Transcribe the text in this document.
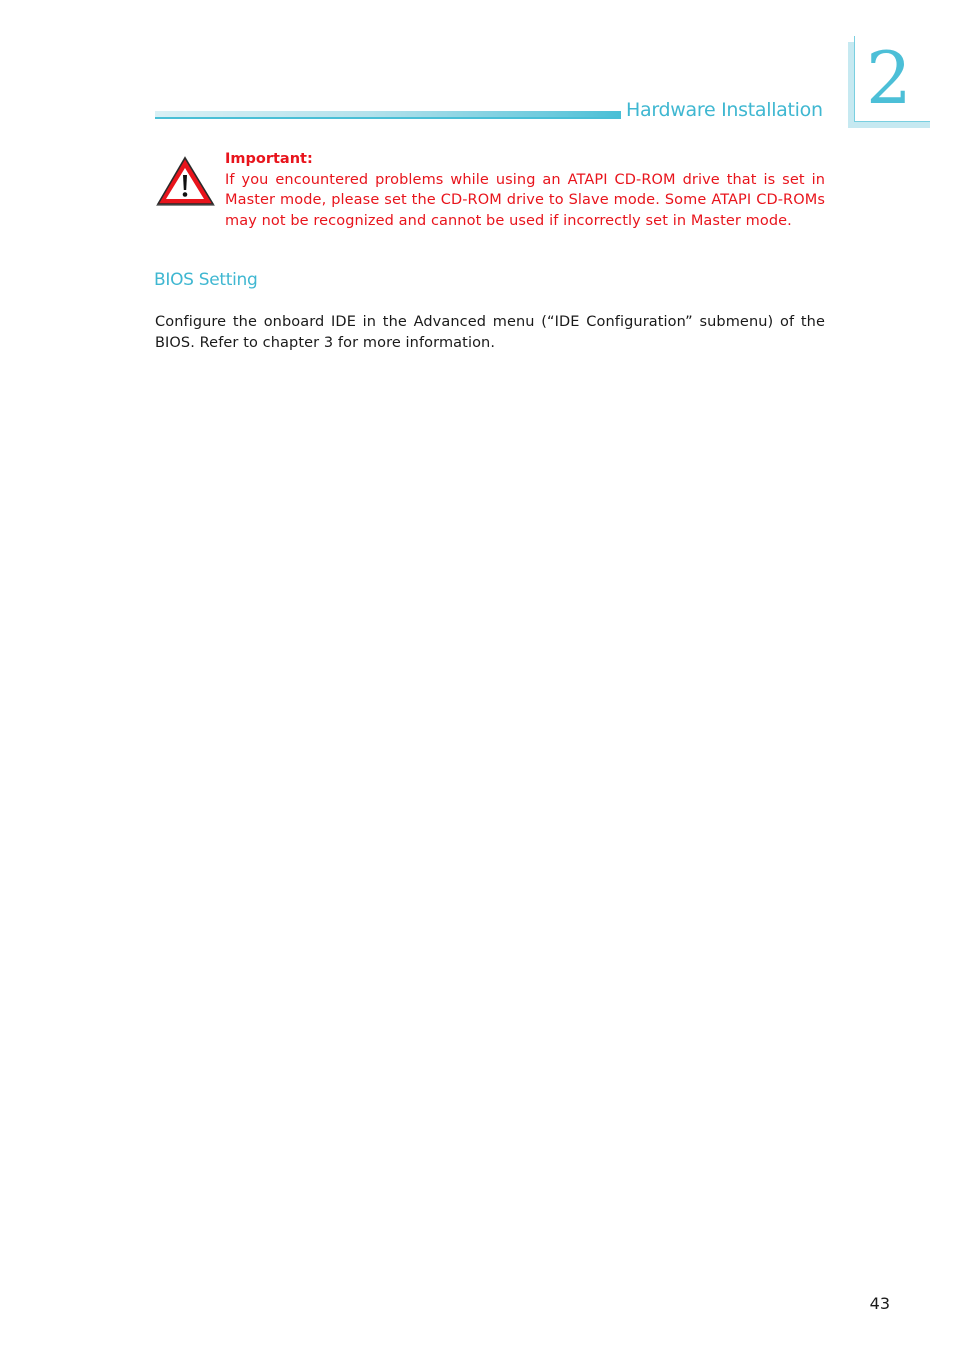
Hardware Installation 2
Important:
If you encountered problems while using an ATAPI CD-ROM drive that is set in Master mode, please set the CD-ROM drive to Slave mode. Some ATAPI CD-ROMs may not be recognized and cannot be used if incorrectly set in Master mode.
BIOS Setting
Configure the onboard IDE in the Advanced menu (“IDE Configuration” submenu) of the BIOS. Refer to chapter 3 for more information.
43
